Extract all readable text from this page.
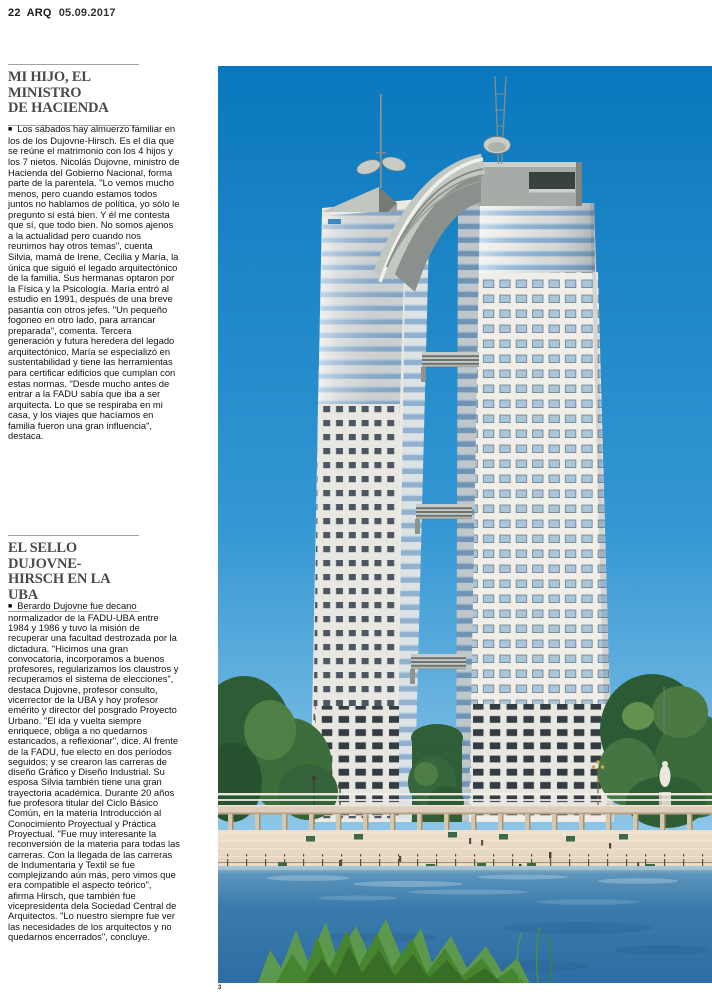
22 ARQ 05.09.2017
MI HIJO, EL MINISTRO
DE HACIENDA

■ Los sábados hay almuerzo familiar en los de los Dujovne-Hirsch. Es el día que se reúne el matrimonio con los 4 hijos y los 7 nietos. Nicolás Dujovne, ministro de Hacienda del Gobierno Nacional, forma parte de la parentela. "Lo vemos mucho menos, pero cuando estamos todos juntos no hablamos de política, yo sólo le pregunto si está bien. Y él me contesta que sí, que todo bien. No somos ajenos a la actualidad pero cuando nos reunimos hay otros temas", cuenta Silvia, mamá de Irene, Cecilia y María, la única que siguió el legado arquitectónico de la familia. Sus hermanas optaron por la Física y la Psicología. María entró al estudio en 1991, después de una breve pasantía con otros jefes. "Un pequeño fogoneo en otro lado, para arrancar preparada", comenta. Tercera generación y futura heredera del legado arquitectónico, María se especializó en sustentabilidad y tiene las herramientas para certificar edificios que cumplan con estas normas. "Desde mucho antes de entrar a la FADU sabía que iba a ser arquitecta. Lo que se respiraba en mi casa, y los viajes que hacíamos en familia fueron una gran influencia", destaca.

EL SELLO DUJOVNE-
HIRSCH EN LA UBA

■ Berardo Dujovne fue decano normalizador de la FADU-UBA entre 1984 y 1986 y tuvo la misión de recuperar una facultad destrozada por la dictadura. "Hicimos una gran convocatoria, incorporamos a buenos profesores, regularizamos los claustros y recuperamos el sistema de elecciones", destaca Dujovne, profesor consulto, vicerrector de la UBA y hoy profesor emérito y director del posgrado Proyecto Urbano. "El ida y vuelta siempre enriquece, obliga a no quedarnos estancados, a reflexionar", dice. Al frente de la FADU, fue electo en dos períodos seguidos; y se crearon las carreras de diseño Gráfico y Diseño Industrial. Su esposa Silvia también tiene una gran trayectoria académica. Durante 20 años fue profesora titular del Ciclo Básico Común, en la materia Introducción al Conocimiento Proyectual y Práctica Proyectual. "Fue muy interesante la reconversión de la materia para todas las carreras. Con la llegada de las carreras de Indumentaria y Textil se fue complejizando aún más, pero vimos que era compatible el aspecto teórico", afirma Hirsch, que también fue vicepresidenta dela Sociedad Central de Arquitectos. "Lo nuestro siempre fue ver las necesidades de los arquitectos y no quedarnos encerrados", concluye.

3
